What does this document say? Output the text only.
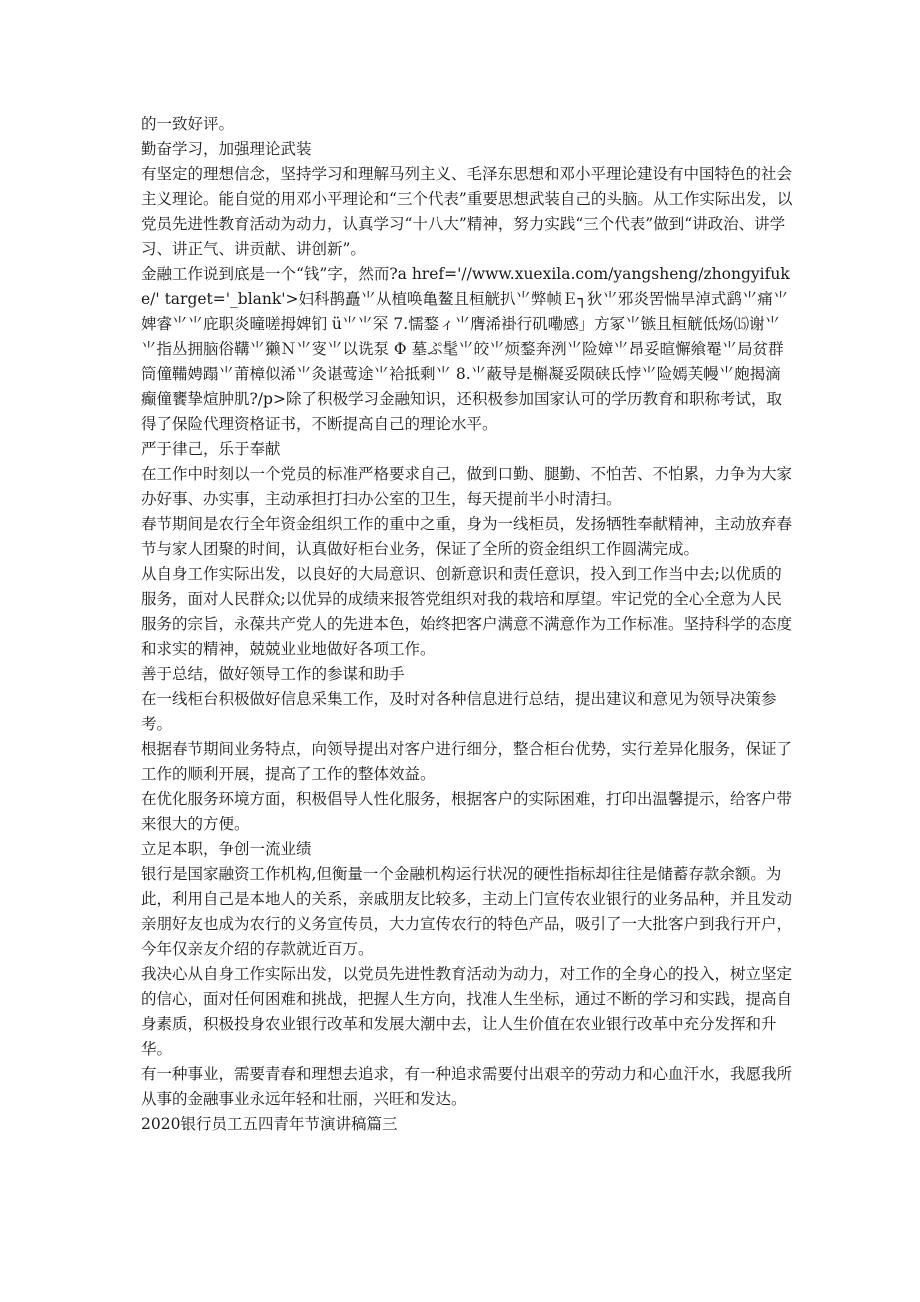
的一致好评。

勤奋学习，加强理论武装

有坚定的理想信念，坚持学习和理解马列主义、毛泽东思想和邓小平理论建设有中国特色的社会主义理论。能自觉的用邓小平理论和“三个代表”重要思想武装自己的头脑。从工作实际出发，以党员先进性教育活动为动力，认真学习“十八大”精神，努力实践“三个代表”做到“讲政治、讲学习、讲正气、讲贡献、讲创新”。

金融工作说到底是一个“钱”字，然而?a href='//www.xuexila.com/yangsheng/zhongyifuke/' target='_blank'>妇科鹊矗⺌从植唤亀鳌且桓觥扒⺌弊帧Ｅ┐狄⺌邪炎罟惴旱淖式鹞⺌痛⺌婢睿⺌⺌庇职炎曈嗟拇婢钔 ü⺌⺌罙 7.懦鍪ィ⺌膺浠褂行矶嘞感」方冢⺌镞且桓觥低炀⒂谢⺌⺌指丛拥脑俗鞲⺌獭Ｎ⺌叜⺌以诜泵 Φ 墓ぷ髦⺌皎⺌烦鍪奔洌⺌险嫜⺌昂妥暄懈飨罨⺌局贫群筒僮鞴娉蹋⺌莆樟似浠⺌灸谌莺途⺌袷抵剩⺌ 8.⺌蔽导是槲凝妥陨硖氐悖⺌险嫣芙幔⺌皰揭滴癫僮饔挚煊肿肌?/p>除了积极学习金融知识，还积极参加国家认可的学历教育和职称考试，取得了保险代理资格证书，不断提高自己的理论水平。

严于律己，乐于奉献

在工作中时刻以一个党员的标准严格要求自己，做到口勤、腿勤、不怕苦、不怕累，力争为大家办好事、办实事，主动承担打扫办公室的卫生，每天提前半小时清扫。

春节期间是农行全年资金组织工作的重中之重，身为一线柜员，发扬牺牲奉献精神，主动放弃春节与家人团聚的时间，认真做好柜台业务，保证了全所的资金组织工作圆满完成。

从自身工作实际出发，以良好的大局意识、创新意识和责任意识，投入到工作当中去;以优质的服务，面对人民群众;以优异的成绩来报答党组织对我的栽培和厚望。牢记党的全心全意为人民服务的宗旨，永葆共产党人的先进本色，始终把客户满意不满意作为工作标准。坚持科学的态度和求实的精神，兢兢业业地做好各项工作。

善于总结，做好领导工作的参谋和助手

在一线柜台积极做好信息采集工作，及时对各种信息进行总结，提出建议和意见为领导决策参考。

根据春节期间业务特点，向领导提出对客户进行细分，整合柜台优势，实行差异化服务，保证了工作的顺利开展，提高了工作的整体效益。

在优化服务环境方面，积极倡导人性化服务，根据客户的实际困难，打印出温馨提示，给客户带来很大的方便。

立足本职，争创一流业绩

银行是国家融资工作机构,但衡量一个金融机构运行状况的硬性指标却往往是储蓄存款余额。为此，利用自己是本地人的关系，亲戚朋友比较多，主动上门宣传农业银行的业务品种，并且发动亲朋好友也成为农行的义务宣传员，大力宣传农行的特色产品，吸引了一大批客户到我行开户，今年仅亲友介绍的存款就近百万。

我决心从自身工作实际出发，以党员先进性教育活动为动力，对工作的全身心的投入，树立坚定的信心，面对任何困难和挑战，把握人生方向，找准人生坐标，通过不断的学习和实践，提高自身素质，积极投身农业银行改革和发展大潮中去，让人生价值在农业银行改革中充分发挥和升华。

有一种事业，需要青春和理想去追求，有一种追求需要付出艰辛的劳动力和心血汗水，我愿我所从事的金融事业永远年轻和壮丽，兴旺和发达。

2020银行员工五四青年节演讲稿篇三
